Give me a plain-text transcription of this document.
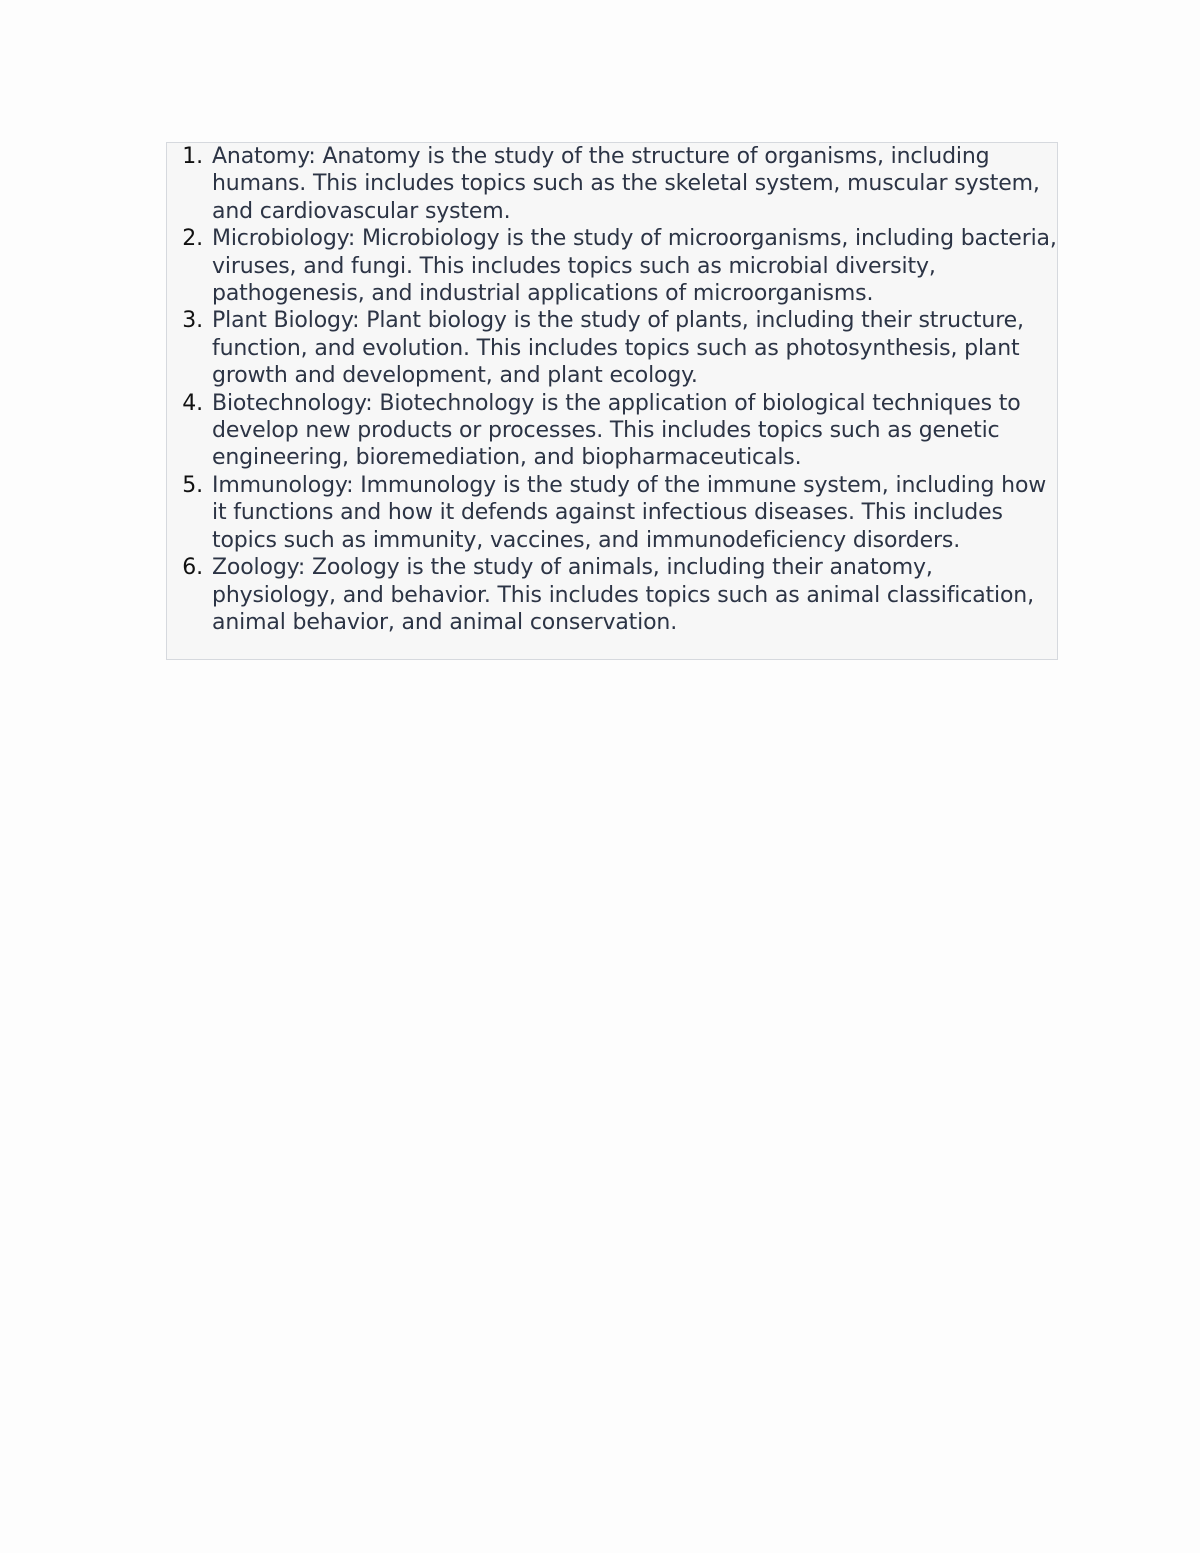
1. Anatomy: Anatomy is the study of the structure of organisms, including humans. This includes topics such as the skeletal system, muscular system, and cardiovascular system.
2. Microbiology: Microbiology is the study of microorganisms, including bacteria, viruses, and fungi. This includes topics such as microbial diversity, pathogenesis, and industrial applications of microorganisms.
3. Plant Biology: Plant biology is the study of plants, including their structure, function, and evolution. This includes topics such as photosynthesis, plant growth and development, and plant ecology.
4. Biotechnology: Biotechnology is the application of biological techniques to develop new products or processes. This includes topics such as genetic engineering, bioremediation, and biopharmaceuticals.
5. Immunology: Immunology is the study of the immune system, including how it functions and how it defends against infectious diseases. This includes topics such as immunity, vaccines, and immunodeficiency disorders.
6. Zoology: Zoology is the study of animals, including their anatomy, physiology, and behavior. This includes topics such as animal classification, animal behavior, and animal conservation.
